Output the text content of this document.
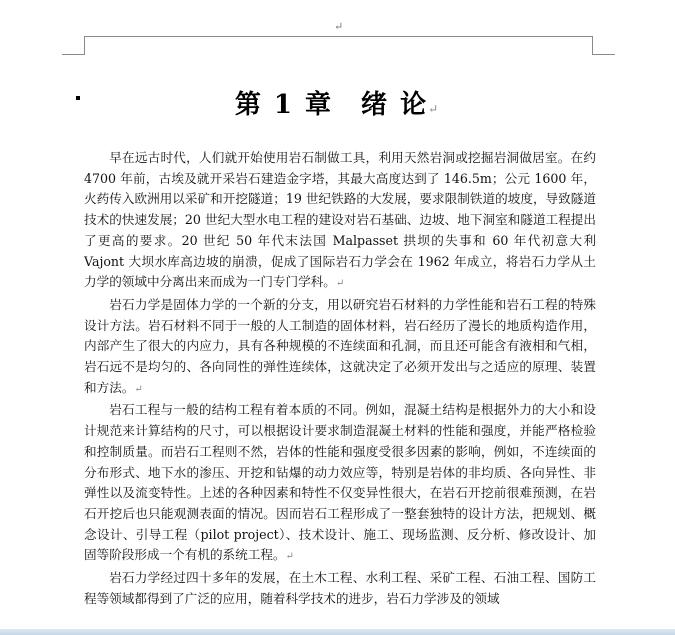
↵
第 1 章　绪 论↵

早在远古时代，人们就开始使用岩石制做工具，利用天然岩洞或挖掘岩洞做居室。在约 4700 年前，古埃及就开采岩石建造金字塔，其最大高度达到了 146.5m；公元 1600 年，火药传入欧洲用以采矿和开挖隧道；19 世纪铁路的大发展，要求限制铁道的坡度，导致隧道技术的快速发展；20 世纪大型水电工程的建设对岩石基础、边坡、地下洞室和隧道工程提出了更高的要求。20 世纪 50 年代末法国 Malpasset 拱坝的失事和 60 年代初意大利 Vajont 大坝水库高边坡的崩溃，促成了国际岩石力学会在 1962 年成立，将岩石力学从土力学的领域中分离出来而成为一门专门学科。↵

岩石力学是固体力学的一个新的分支，用以研究岩石材料的力学性能和岩石工程的特殊设计方法。岩石材料不同于一般的人工制造的固体材料，岩石经历了漫长的地质构造作用，内部产生了很大的内应力，具有各种规模的不连续面和孔洞，而且还可能含有液相和气相，岩石远不是均匀的、各向同性的弹性连续体，这就决定了必须开发出与之适应的原理、装置和方法。↵

岩石工程与一般的结构工程有着本质的不同。例如，混凝土结构是根据外力的大小和设计规范来计算结构的尺寸，可以根据设计要求制造混凝土材料的性能和强度，并能严格检验和控制质量。而岩石工程则不然，岩体的性能和强度受很多因素的影响，例如，不连续面的分布形式、地下水的渗压、开挖和钻爆的动力效应等，特别是岩体的非均质、各向异性、非弹性以及流变特性。上述的各种因素和特性不仅变异性很大，在岩石开挖前很难预测，在岩石开挖后也只能观测表面的情况。因而岩石工程形成了一整套独特的设计方法，把规划、概念设计、引导工程（pilot project）、技术设计、施工、现场监测、反分析、修改设计、加固等阶段形成一个有机的系统工程。↵

岩石力学经过四十多年的发展，在土木工程、水利工程、采矿工程、石油工程、国防工程等领域都得到了广泛的应用，随着科学技术的进步，岩石力学涉及的领域
